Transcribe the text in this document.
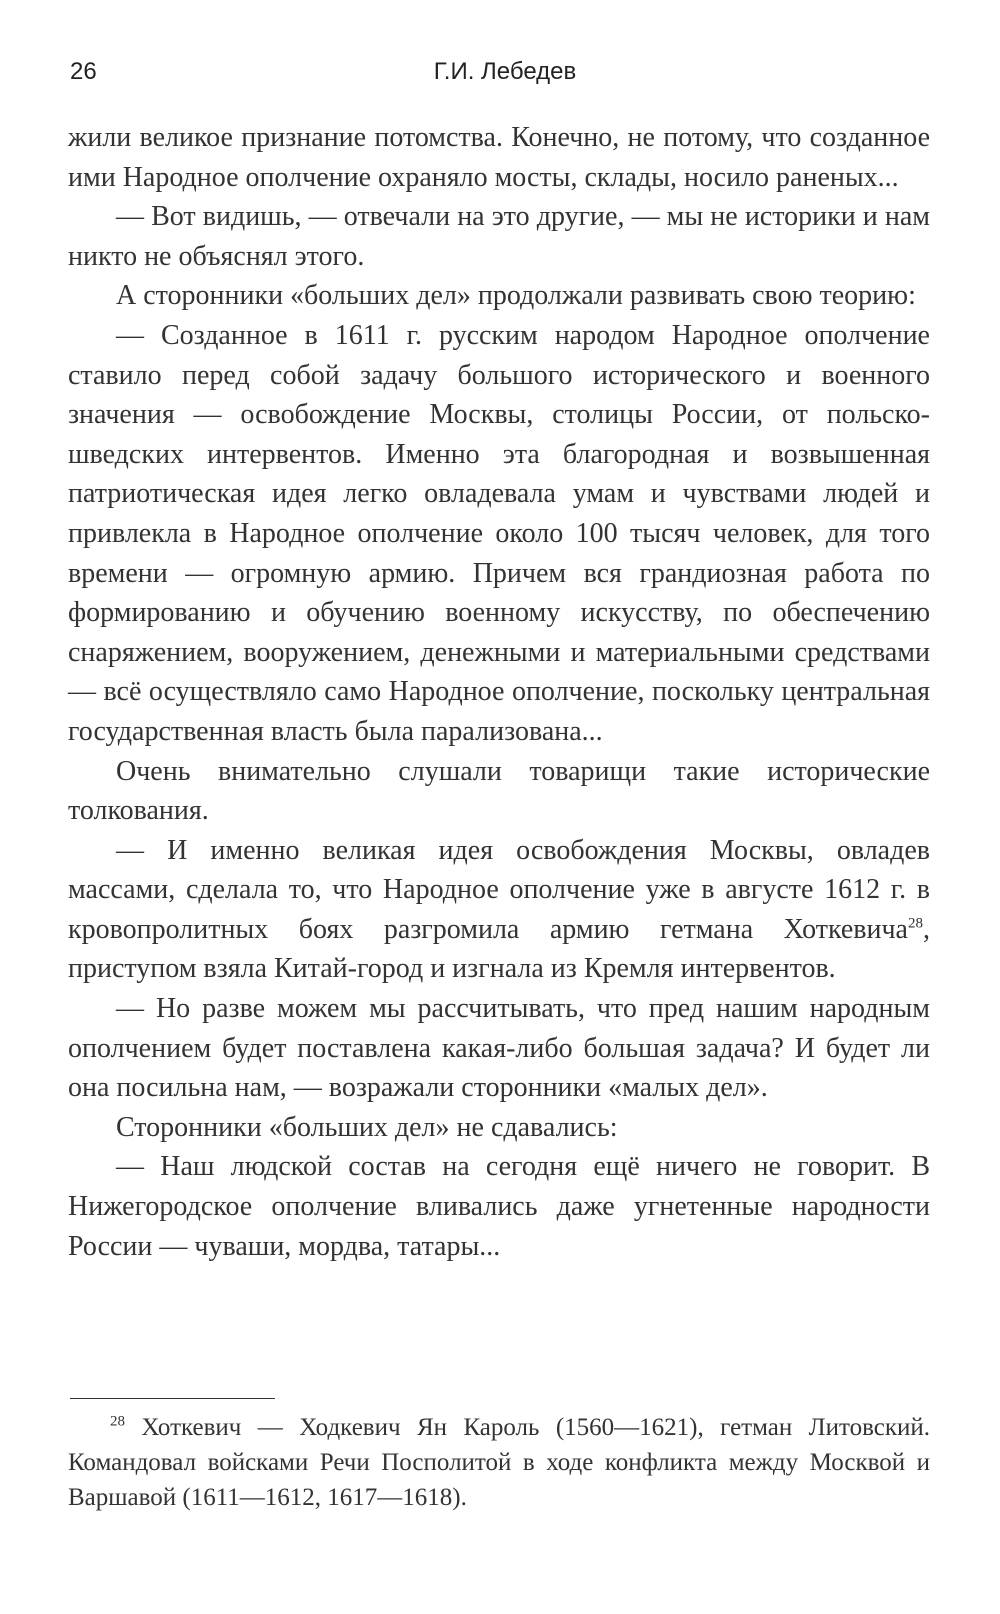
26	Г.И. Лебедев

жили великое признание потомства. Конечно, не потому, что созданное ими Народное ополчение охраняло мосты, склады, носило раненых...

— Вот видишь, — отвечали на это другие, — мы не историки и нам никто не объяснял этого.

А сторонники «больших дел» продолжали развивать свою теорию:

— Созданное в 1611 г. русским народом Народное ополчение ставило перед собой задачу большого исторического и военного значения — освобождение Москвы, столицы России, от польско-шведских интервентов. Именно эта благородная и возвышенная патриотическая идея легко овладевала умам и чувствами людей и привлекла в Народное ополчение около 100 тысяч человек, для того времени — огромную армию. Причем вся грандиозная работа по формированию и обучению военному искусству, по обеспечению снаряжением, вооружением, денежными и материальными средствами — всё осуществляло само Народное ополчение, поскольку центральная государственная власть была парализована...

Очень внимательно слушали товарищи такие исторические толкования.

— И именно великая идея освобождения Москвы, овладев массами, сделала то, что Народное ополчение уже в августе 1612 г. в кровопролитных боях разгромила армию гетмана Хоткевича$^{28}$, приступом взяла Китай-город и изгнала из Кремля интервентов.

— Но разве можем мы рассчитывать, что пред нашим народным ополчением будет поставлена какая-либо большая задача? И будет ли она посильна нам, — возражали сторонники «малых дел».

Сторонники «больших дел» не сдавались:

— Наш людской состав на сегодня ещё ничего не говорит. В Нижегородское ополчение вливались даже угнетенные народности России — чуваши, мордва, татары...

$^{28}$ Хоткевич — Ходкевич Ян Кароль (1560—1621), гетман Литовский. Командовал войсками Речи Посполитой в ходе конфликта между Москвой и Варшавой (1611—1612, 1617—1618).
